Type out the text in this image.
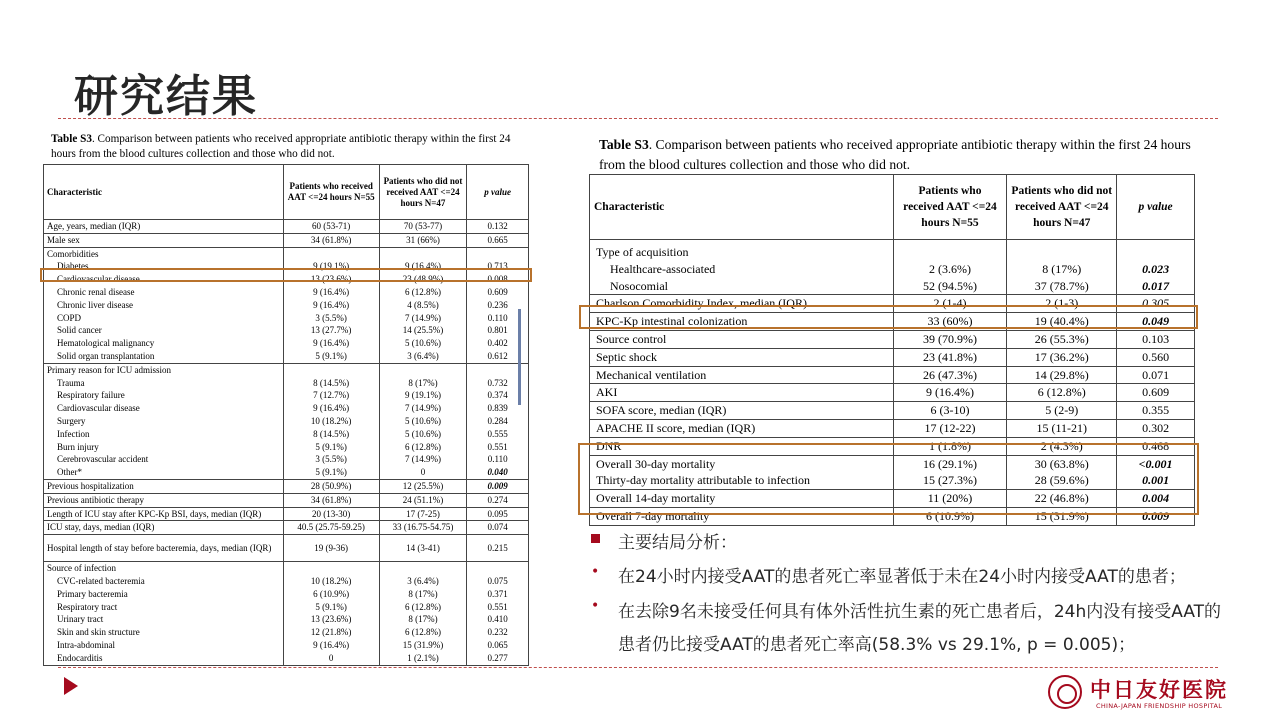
研究结果
Table S3. Comparison between patients who received appropriate antibiotic therapy within the first 24 hours from the blood cultures collection and those who did not.
Characteristic	Patients who received AAT <=24 hours N=55	Patients who did not received AAT <=24 hours N=47	p value
Age, years, median (IQR)	60 (53-71)	70 (53-77)	0.132
Male sex	34 (61.8%)	31 (66%)	0.665
Comorbidities			
Diabetes	9 (19.1%)	9 (16.4%)	0.713
Cardiovascular disease	13 (23.6%)	23 (48.9%)	0.008
Chronic renal disease	9 (16.4%)	6 (12.8%)	0.609
Chronic liver disease	9 (16.4%)	4 (8.5%)	0.236
COPD	3 (5.5%)	7 (14.9%)	0.110
Solid cancer	13 (27.7%)	14 (25.5%)	0.801
Hematological malignancy	9 (16.4%)	5 (10.6%)	0.402
Solid organ transplantation	5 (9.1%)	3 (6.4%)	0.612
Primary reason for ICU admission			
Trauma	8 (14.5%)	8 (17%)	0.732
Respiratory failure	7 (12.7%)	9 (19.1%)	0.374
Cardiovascular disease	9 (16.4%)	7 (14.9%)	0.839
Surgery	10 (18.2%)	5 (10.6%)	0.284
Infection	8 (14.5%)	5 (10.6%)	0.555
Burn injury	5 (9.1%)	6 (12.8%)	0.551
Cerebrovascular accident	3 (5.5%)	7 (14.9%)	0.110
Other*	5 (9.1%)	0	0.040
Previous hospitalization	28 (50.9%)	12 (25.5%)	0.009
Previous antibiotic therapy	34 (61.8%)	24 (51.1%)	0.274
Length of ICU stay after KPC-Kp BSI, days, median (IQR)	20 (13-30)	17 (7-25)	0.095
ICU stay, days, median (IQR)	40.5 (25.75-59.25)	33 (16.75-54.75)	0.074
Hospital length of stay before bacteremia, days, median (IQR)	19 (9-36)	14 (3-41)	0.215
Source of infection			
CVC-related bacteremia	10 (18.2%)	3 (6.4%)	0.075
Primary bacteremia	6 (10.9%)	8 (17%)	0.371
Respiratory tract	5 (9.1%)	6 (12.8%)	0.551
Urinary tract	13 (23.6%)	8 (17%)	0.410
Skin and skin structure	12 (21.8%)	6 (12.8%)	0.232
Intra-abdominal	9 (16.4%)	15 (31.9%)	0.065
Endocarditis	0	1 (2.1%)	0.277
Table S3. Comparison between patients who received appropriate antibiotic therapy within the first 24 hours from the blood cultures collection and those who did not.
Characteristic	Patients who received AAT <=24 hours N=55	Patients who did not received AAT <=24 hours N=47	p value
Type of acquisition			
Healthcare-associated	2 (3.6%)	8 (17%)	0.023
Nosocomial	52 (94.5%)	37 (78.7%)	0.017
Charlson Comorbidity Index, median (IQR)	2 (1-4)	2 (1-3)	0.305
KPC-Kp intestinal colonization	33 (60%)	19 (40.4%)	0.049
Source control	39 (70.9%)	26 (55.3%)	0.103
Septic shock	23 (41.8%)	17 (36.2%)	0.560
Mechanical ventilation	26 (47.3%)	14 (29.8%)	0.071
AKI	9 (16.4%)	6 (12.8%)	0.609
SOFA score, median (IQR)	6 (3-10)	5 (2-9)	0.355
APACHE II score, median (IQR)	17 (12-22)	15 (11-21)	0.302
DNR	1 (1.8%)	2 (4.3%)	0.468
Overall 30-day mortality	16 (29.1%)	30 (63.8%)	<0.001
Thirty-day mortality attributable to infection	15 (27.3%)	28 (59.6%)	0.001
Overall 14-day mortality	11 (20%)	22 (46.8%)	0.004
Overall 7-day mortality	6 (10.9%)	15 (31.9%)	0.009
主要结局分析：
• 在24小时内接受AAT的患者死亡率显著低于未在24小时内接受AAT的患者；
• 在去除9名未接受任何具有体外活性抗生素的死亡患者后，24h内没有接受AAT的患者仍比接受AAT的患者死亡率高(58.3% vs 29.1%, p = 0.005)；
中日友好医院
CHINA-JAPAN FRIENDSHIP HOSPITAL
